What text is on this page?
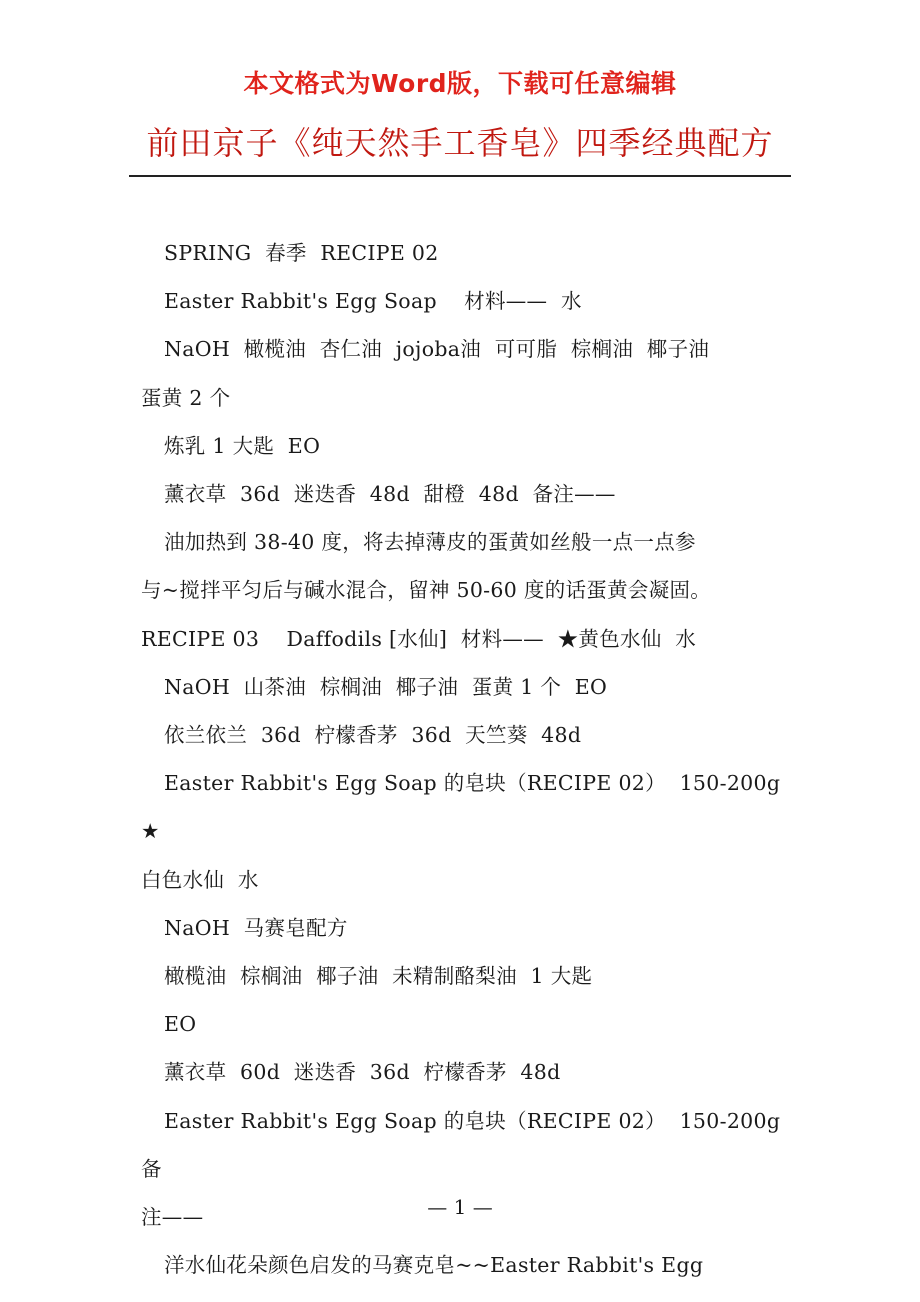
本文格式为Word版，下载可任意编辑
前田京子《纯天然手工香皂》四季经典配方

SPRING  春季  RECIPE 02

Easter Rabbit's Egg Soap    材料——  水

NaOH  橄榄油  杏仁油  jojoba油  可可脂  棕榈油  椰子油

蛋黄 2 个

炼乳 1 大匙  EO

薰衣草  36d  迷迭香  48d  甜橙  48d  备注——

油加热到 38-40 度，将去掉薄皮的蛋黄如丝般一点一点参

与~搅拌平匀后与碱水混合，留神 50-60 度的话蛋黄会凝固。

RECIPE 03    Daffodils [水仙]  材料——  ★黄色水仙  水

NaOH  山茶油  棕榈油  椰子油  蛋黄 1 个  EO

依兰依兰  36d  柠檬香茅  36d  天竺葵  48d

Easter Rabbit's Egg Soap 的皂块（RECIPE 02）  150-200g  ★

白色水仙  水

NaOH  马赛皂配方

橄榄油  棕榈油  椰子油  未精制酪梨油  1 大匙

EO

薰衣草  60d  迷迭香  36d  柠檬香茅  48d

Easter Rabbit's Egg Soap 的皂块（RECIPE 02）  150-200g  备

注——

洋水仙花朵颜色启发的马赛克皂~~Easter Rabbit's Egg

— 1 —
